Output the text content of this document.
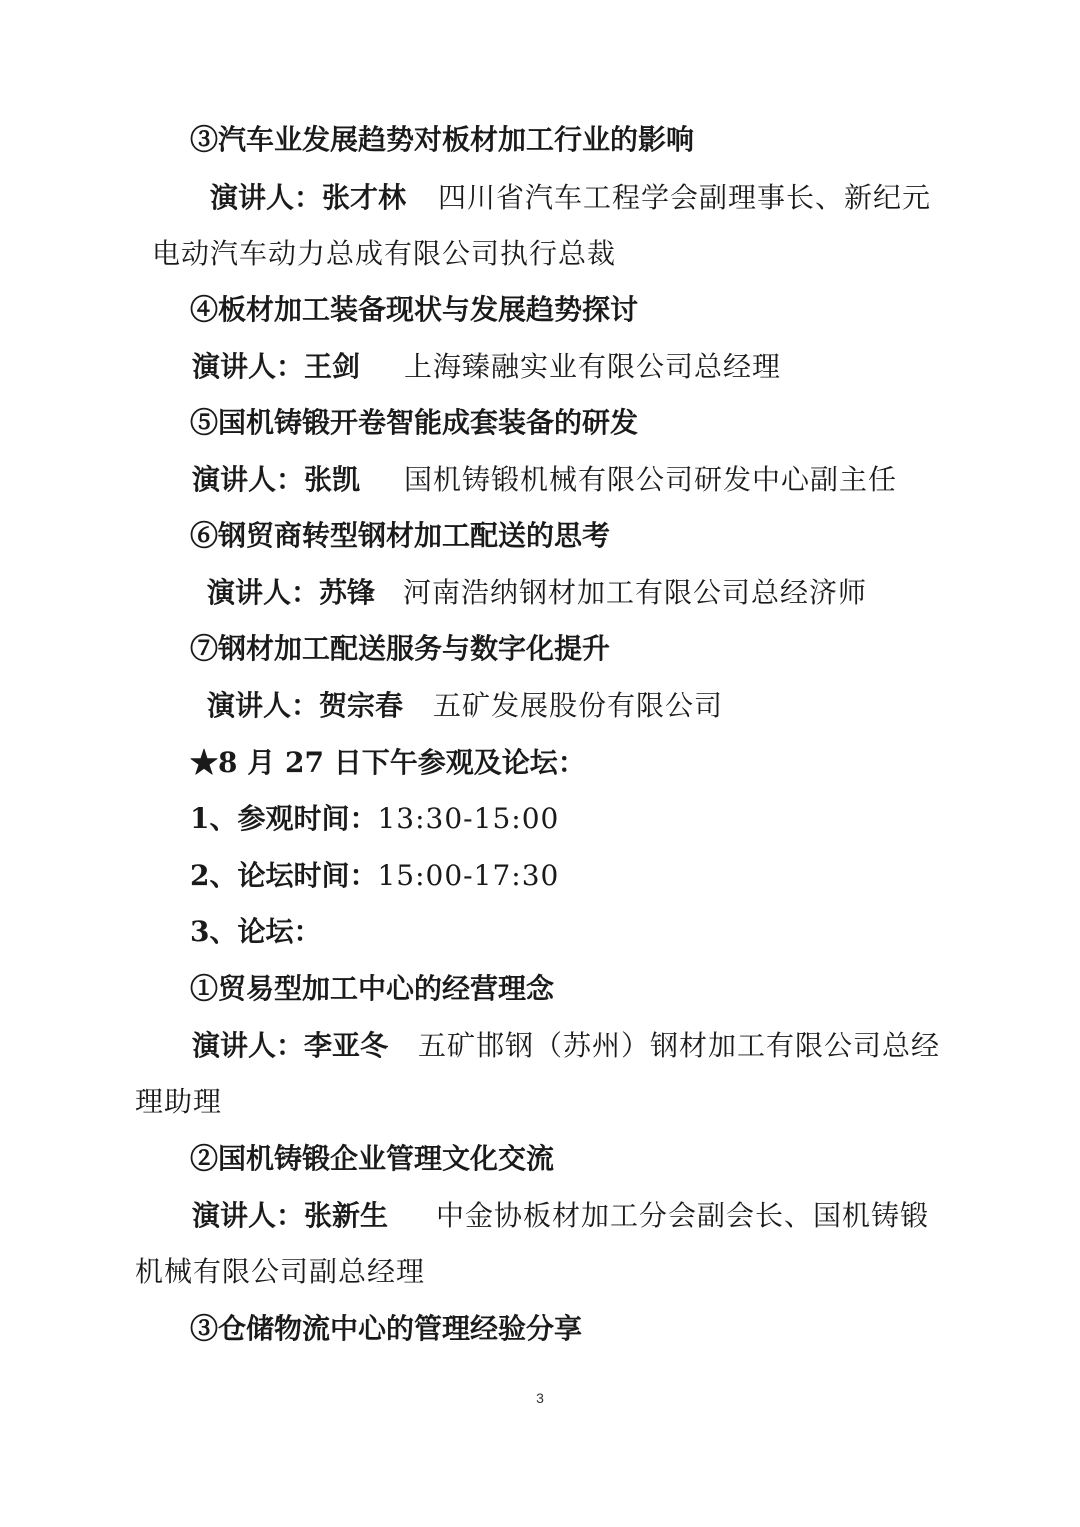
③汽车业发展趋势对板材加工行业的影响
演讲人：张才林 四川省汽车工程学会副理事长、新纪元
电动汽车动力总成有限公司执行总裁
④板材加工装备现状与发展趋势探讨
演讲人：王剑 上海臻融实业有限公司总经理
⑤国机铸锻开卷智能成套装备的研发
演讲人：张凯 国机铸锻机械有限公司研发中心副主任
⑥钢贸商转型钢材加工配送的思考
演讲人：苏锋 河南浩纳钢材加工有限公司总经济师
⑦钢材加工配送服务与数字化提升
演讲人：贺宗春 五矿发展股份有限公司
★8 月 27 日下午参观及论坛：
1、参观时间：13:30-15:00
2、论坛时间：15:00-17:30
3、论坛：
①贸易型加工中心的经营理念
演讲人：李亚冬 五矿邯钢（苏州）钢材加工有限公司总经
理助理
②国机铸锻企业管理文化交流
演讲人：张新生 中金协板材加工分会副会长、国机铸锻
机械有限公司副总经理
③仓储物流中心的管理经验分享
3
